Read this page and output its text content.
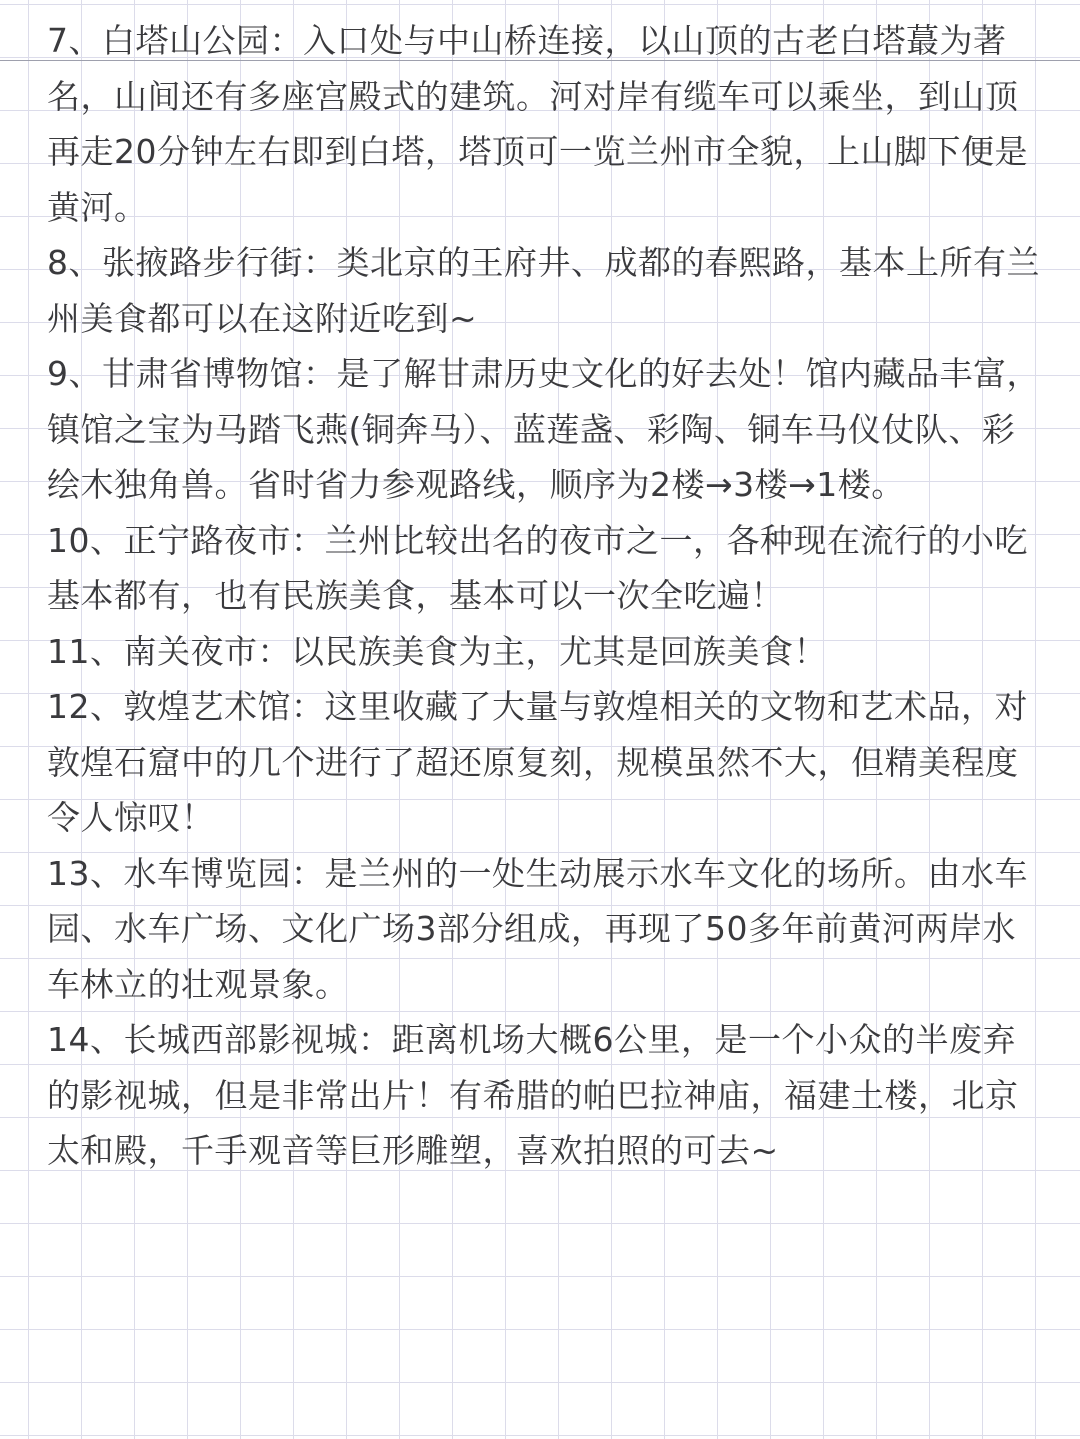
7、白塔山公园：入口处与中山桥连接，以山顶的古老白塔蕞为著名，山间还有多座宫殿式的建筑。河对岸有缆车可以乘坐，到山顶再走20分钟左右即到白塔，塔顶可一览兰州市全貌，上山脚下便是黄河。

8、张掖路步行街：类北京的王府井、成都的春熙路，基本上所有兰州美食都可以在这附近吃到~

9、甘肃省博物馆：是了解甘肃历史文化的好去处！馆内藏品丰富，镇馆之宝为马踏飞燕(铜奔马）、蓝莲盏、彩陶、铜车马仪仗队、彩绘木独角兽。省时省力参观路线，顺序为2楼→3楼→1楼。

10、正宁路夜市：兰州比较出名的夜市之一，各种现在流行的小吃基本都有，也有民族美食，基本可以一次全吃遍！

11、南关夜市：以民族美食为主，尤其是回族美食！

12、敦煌艺术馆：这里收藏了大量与敦煌相关的文物和艺术品，对敦煌石窟中的几个进行了超还原复刻，规模虽然不大，但精美程度令人惊叹！

13、水车博览园：是兰州的一处生动展示水车文化的场所。由水车园、水车广场、文化广场3部分组成，再现了50多年前黄河两岸水车林立的壮观景象。

14、长城西部影视城：距离机场大概6公里，是一个小众的半废弃的影视城，但是非常出片！有希腊的帕巴拉神庙，福建土楼，北京太和殿，千手观音等巨形雕塑，喜欢拍照的可去~
